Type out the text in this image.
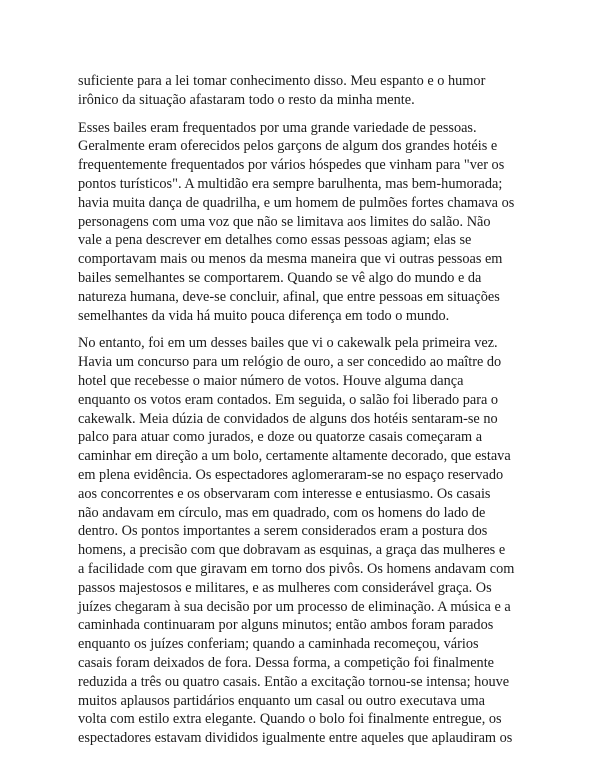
suficiente para a lei tomar conhecimento disso. Meu espanto e o humor
irônico da situação afastaram todo o resto da minha mente.

Esses bailes eram frequentados por uma grande variedade de pessoas.
Geralmente eram oferecidos pelos garçons de algum dos grandes hotéis e
frequentemente frequentados por vários hóspedes que vinham para "ver os
pontos turísticos". A multidão era sempre barulhenta, mas bem-humorada;
havia muita dança de quadrilha, e um homem de pulmões fortes chamava os
personagens com uma voz que não se limitava aos limites do salão. Não
vale a pena descrever em detalhes como essas pessoas agiam; elas se
comportavam mais ou menos da mesma maneira que vi outras pessoas em
bailes semelhantes se comportarem. Quando se vê algo do mundo e da
natureza humana, deve-se concluir, afinal, que entre pessoas em situações
semelhantes da vida há muito pouca diferença em todo o mundo.

No entanto, foi em um desses bailes que vi o cakewalk pela primeira vez.
Havia um concurso para um relógio de ouro, a ser concedido ao maître do
hotel que recebesse o maior número de votos. Houve alguma dança
enquanto os votos eram contados. Em seguida, o salão foi liberado para o
cakewalk. Meia dúzia de convidados de alguns dos hotéis sentaram-se no
palco para atuar como jurados, e doze ou quatorze casais começaram a
caminhar em direção a um bolo, certamente altamente decorado, que estava
em plena evidência. Os espectadores aglomeraram-se no espaço reservado
aos concorrentes e os observaram com interesse e entusiasmo. Os casais
não andavam em círculo, mas em quadrado, com os homens do lado de
dentro. Os pontos importantes a serem considerados eram a postura dos
homens, a precisão com que dobravam as esquinas, a graça das mulheres e
a facilidade com que giravam em torno dos pivôs. Os homens andavam com
passos majestosos e militares, e as mulheres com considerável graça. Os
juízes chegaram à sua decisão por um processo de eliminação. A música e a
caminhada continuaram por alguns minutos; então ambos foram parados
enquanto os juízes conferiam; quando a caminhada recomeçou, vários
casais foram deixados de fora. Dessa forma, a competição foi finalmente
reduzida a três ou quatro casais. Então a excitação tornou-se intensa; houve
muitos aplausos partidários enquanto um casal ou outro executava uma
volta com estilo extra elegante. Quando o bolo foi finalmente entregue, os
espectadores estavam divididos igualmente entre aqueles que aplaudiram os
